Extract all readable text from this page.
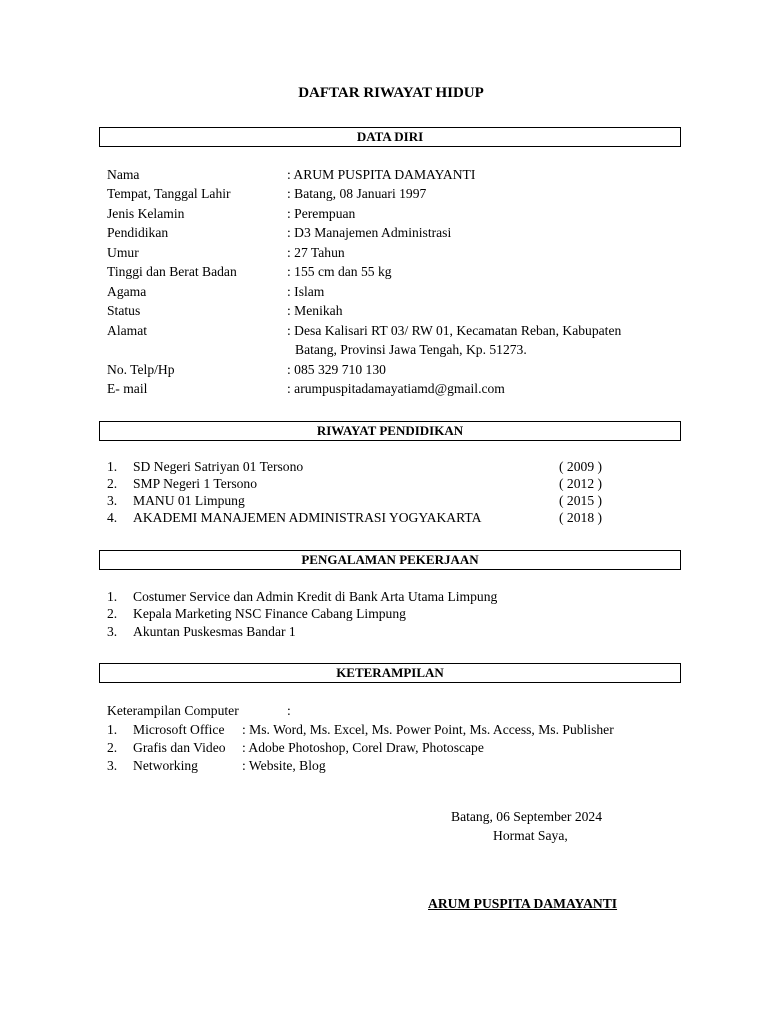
DAFTAR RIWAYAT HIDUP
DATA DIRI
Nama	: ARUM PUSPITA DAMAYANTI
Tempat, Tanggal Lahir	: Batang, 08 Januari 1997
Jenis Kelamin	: Perempuan
Pendidikan	: D3 Manajemen Administrasi
Umur	: 27 Tahun
Tinggi dan Berat Badan	: 155 cm dan 55 kg
Agama	: Islam
Status	: Menikah
Alamat	: Desa Kalisari RT 03/ RW 01, Kecamatan Reban, Kabupaten
Batang, Provinsi Jawa Tengah, Kp. 51273.
No. Telp/Hp	: 085 329 710 130
E- mail	: arumpuspitadamayatiamd@gmail.com
RIWAYAT PENDIDIKAN
1. SD Negeri Satriyan 01 Tersono	( 2009 )
2. SMP Negeri 1 Tersono	( 2012 )
3. MANU 01 Limpung	( 2015 )
4. AKADEMI MANAJEMEN ADMINISTRASI YOGYAKARTA	( 2018 )
PENGALAMAN PEKERJAAN
1. Costumer Service dan Admin Kredit di Bank Arta Utama Limpung
2. Kepala Marketing NSC Finance Cabang Limpung
3. Akuntan Puskesmas Bandar 1
KETERAMPILAN
Keterampilan Computer	:
1. Microsoft Office : Ms. Word, Ms. Excel, Ms. Power Point, Ms. Access, Ms. Publisher
2. Grafis dan Video : Adobe Photoshop, Corel Draw, Photoscape
3. Networking	: Website, Blog
Batang, 06 September 2024
Hormat Saya,
ARUM PUSPITA DAMAYANTI
